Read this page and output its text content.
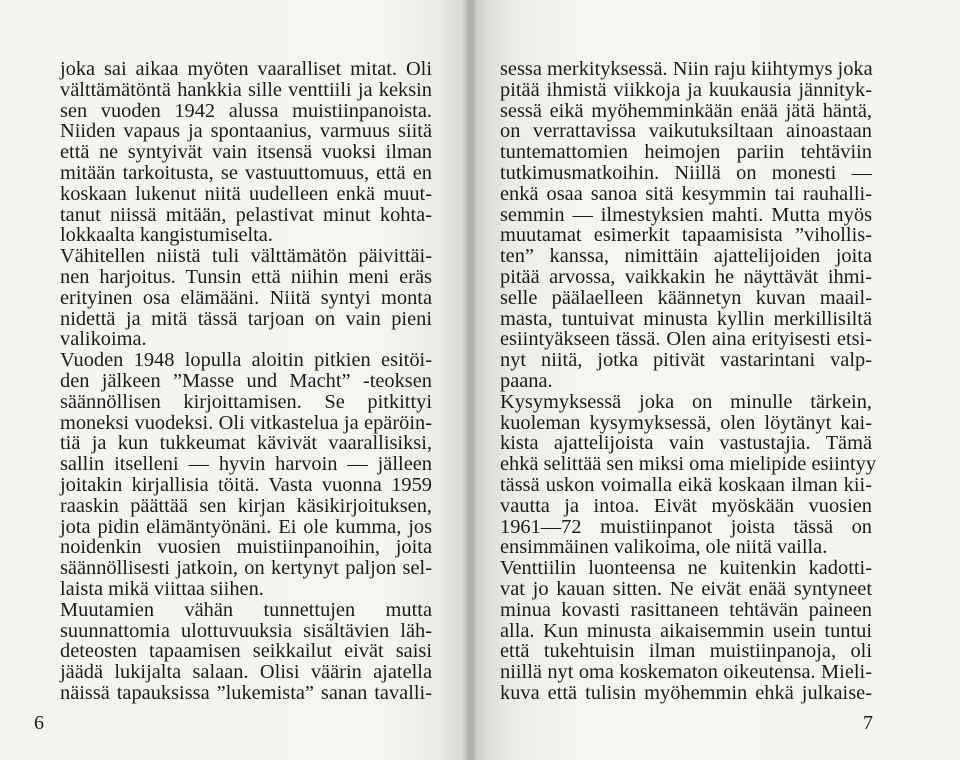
joka sai aikaa myöten vaaralliset mitat. Oli
välttämätöntä hankkia sille venttiili ja keksin
sen vuoden 1942 alussa muistiinpanoista.
Niiden vapaus ja spontaanius, varmuus siitä
että ne syntyivät vain itsensä vuoksi ilman
mitään tarkoitusta, se vastuuttomuus, että en
koskaan lukenut niitä uudelleen enkä muut-
tanut niissä mitään, pelastivat minut kohta-
lokkaalta kangistumiselta.
Vähitellen niistä tuli välttämätön päivittäi-
nen harjoitus. Tunsin että niihin meni eräs
erityinen osa elämääni. Niitä syntyi monta
nidettä ja mitä tässä tarjoan on vain pieni
valikoima.
Vuoden 1948 lopulla aloitin pitkien esitöi-
den jälkeen ”Masse und Macht” -teoksen
säännöllisen kirjoittamisen. Se pitkittyi
moneksi vuodeksi. Oli vitkastelua ja epäröin-
tiä ja kun tukkeumat kävivät vaarallisiksi,
sallin itselleni — hyvin harvoin — jälleen
joitakin kirjallisia töitä. Vasta vuonna 1959
raaskin päättää sen kirjan käsikirjoituksen,
jota pidin elämäntyönäni. Ei ole kumma, jos
noidenkin vuosien muistiinpanoihin, joita
säännöllisesti jatkoin, on kertynyt paljon sel-
laista mikä viittaa siihen.
Muutamien vähän tunnettujen mutta
suunnattomia ulottuvuuksia sisältävien läh-
deteosten tapaamisen seikkailut eivät saisi
jäädä lukijalta salaan. Olisi väärin ajatella
näissä tapauksissa ”lukemista” sanan tavalli-
6
sessa merkityksessä. Niin raju kiihtymys joka
pitää ihmistä viikkoja ja kuukausia jännityk-
sessä eikä myöhemminkään enää jätä häntä,
on verrattavissa vaikutuksiltaan ainoastaan
tuntemattomien heimojen pariin tehtäviin
tutkimusmatkoihin. Niillä on monesti —
enkä osaa sanoa sitä kesymmin tai rauhalli-
semmin — ilmestyksien mahti. Mutta myös
muutamat esimerkit tapaamisista ”vihollis-
ten” kanssa, nimittäin ajattelijoiden joita
pitää arvossa, vaikkakin he näyttävät ihmi-
selle päälaelleen käännetyn kuvan maail-
masta, tuntuivat minusta kyllin merkillisiltä
esiintyäkseen tässä. Olen aina erityisesti etsi-
nyt niitä, jotka pitivät vastarintani valp-
paana.
Kysymyksessä joka on minulle tärkein,
kuoleman kysymyksessä, olen löytänyt kai-
kista ajattelijoista vain vastustajia. Tämä
ehkä selittää sen miksi oma mielipide esiintyy
tässä uskon voimalla eikä koskaan ilman kii-
vautta ja intoa. Eivät myöskään vuosien
1961—72 muistiinpanot joista tässä on
ensimmäinen valikoima, ole niitä vailla.
Venttiilin luonteensa ne kuitenkin kadotti-
vat jo kauan sitten. Ne eivät enää syntyneet
minua kovasti rasittaneen tehtävän paineen
alla. Kun minusta aikaisemmin usein tuntui
että tukehtuisin ilman muistiinpanoja, oli
niillä nyt oma koskematon oikeutensa. Mieli-
kuva että tulisin myöhemmin ehkä julkaise-
7
